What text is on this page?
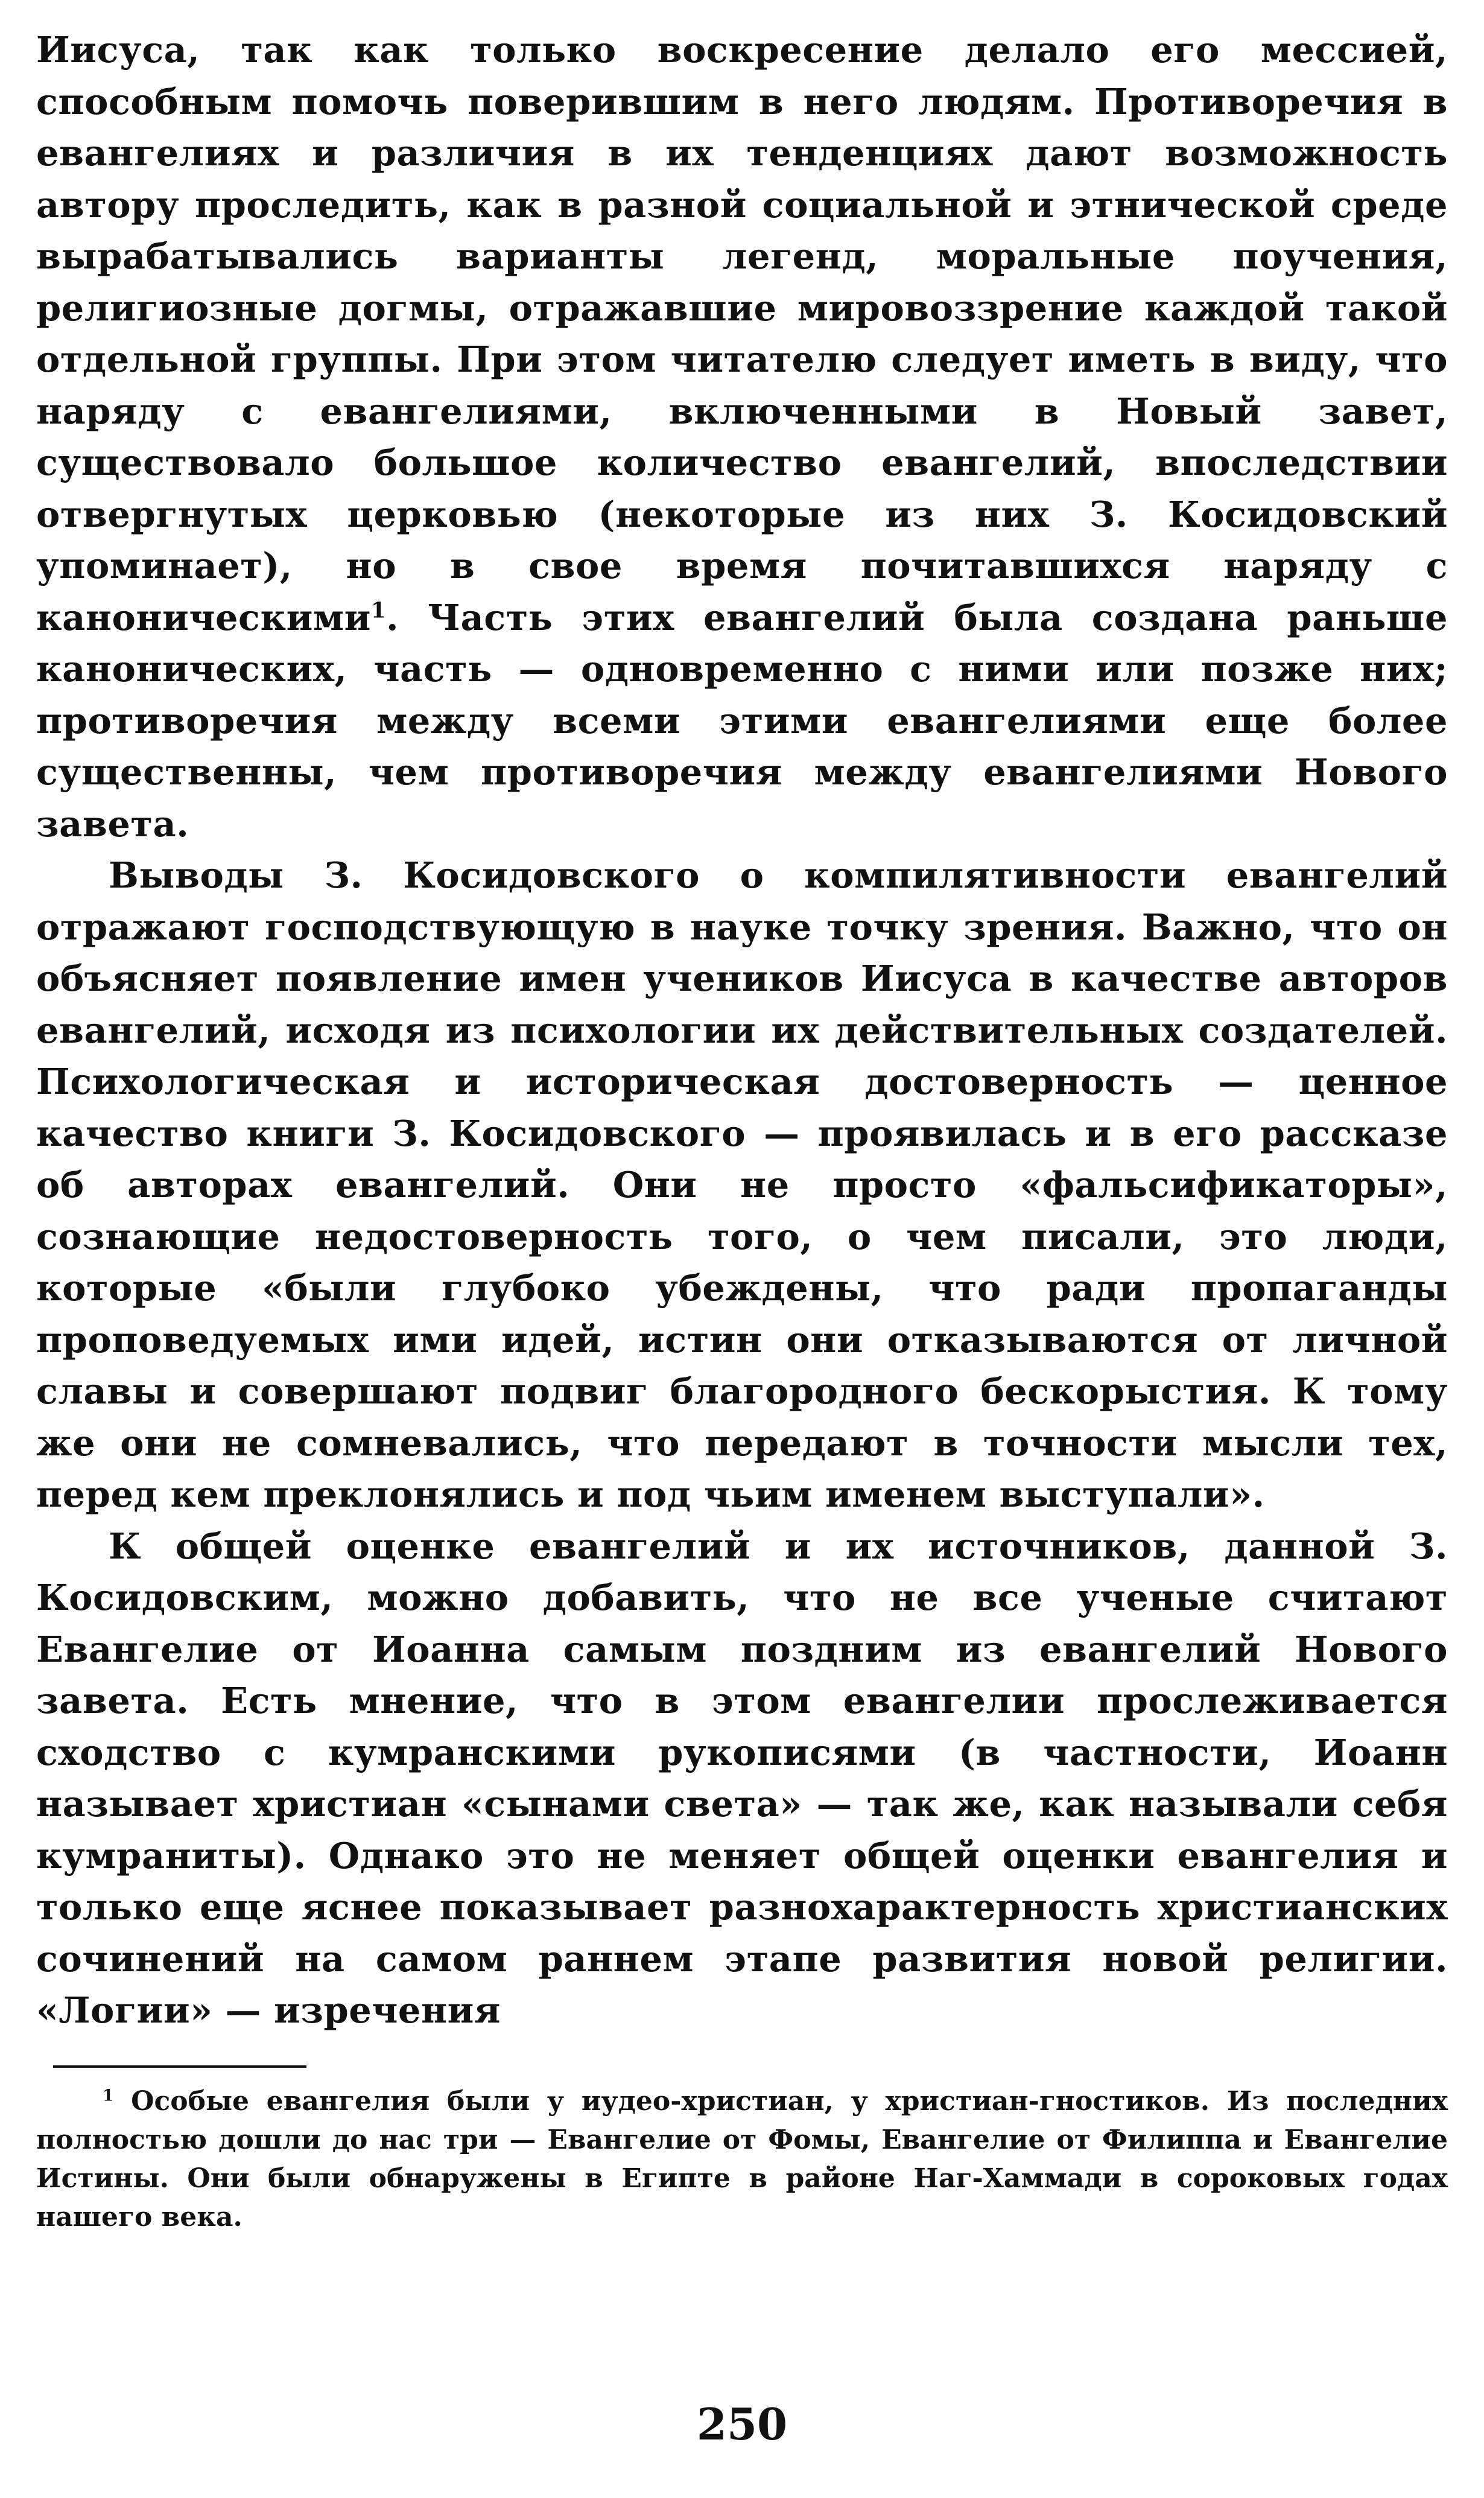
Иисуса, так как только воскресение делало его мессией, способным помочь поверившим в него людям. Противоречия в евангелиях и различия в их тенденциях дают возможность автору проследить, как в разной социальной и этнической среде вырабатывались варианты легенд, моральные поучения, религиозные догмы, отражавшие мировоззрение каждой такой отдельной группы. При этом читателю следует иметь в виду, что наряду с евангелиями, включенными в Новый завет, существовало большое количество евангелий, впоследствии отвергнутых церковью (некоторые из них З. Косидовский упоминает), но в свое время почитавшихся наряду с каноническими$^1$. Часть этих евангелий была создана раньше канонических, часть — одновременно с ними или позже них; противоречия между всеми этими евангелиями еще более существенны, чем противоречия между евангелиями Нового завета.

Выводы З. Косидовского о компилятивности евангелий отражают господствующую в науке точку зрения. Важно, что он объясняет появление имен учеников Иисуса в качестве авторов евангелий, исходя из психологии их действительных создателей. Психологическая и историческая достоверность — ценное качество книги З. Косидовского — проявилась и в его рассказе об авторах евангелий. Они не просто «фальсификаторы», сознающие недостоверность того, о чем писали, это люди, которые «были глубоко убеждены, что ради пропаганды проповедуемых ими идей, истин они отказываются от личной славы и совершают подвиг благородного бескорыстия. К тому же они не сомневались, что передают в точности мысли тех, перед кем преклонялись и под чьим именем выступали».

К общей оценке евангелий и их источников, данной З. Косидовским, можно добавить, что не все ученые считают Евангелие от Иоанна самым поздним из евангелий Нового завета. Есть мнение, что в этом евангелии прослеживается сходство с кумранскими рукописями (в частности, Иоанн называет христиан «сынами света» — так же, как называли себя кумраниты). Однако это не меняет общей оценки евангелия и только еще яснее показывает разнохарактерность христианских сочинений на самом раннем этапе развития новой религии. «Логии» — изречения

$^1$ Особые евангелия были у иудео-христиан, у христиан-гностиков. Из последних полностью дошли до нас три — Евангелие от Фомы, Евангелие от Филиппа и Евангелие Истины. Они были обнаружены в Египте в районе Наг-Хаммади в сороковых годах нашего века.

250
